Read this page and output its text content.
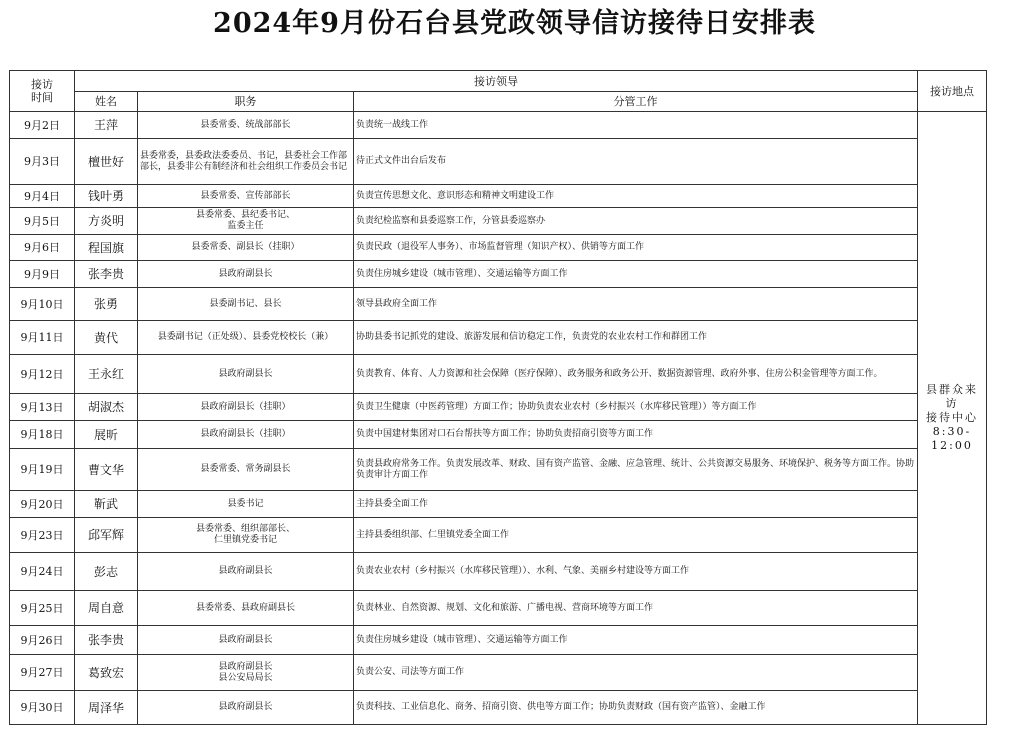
2024年9月份石台县党政领导信访接待日安排表
接访
时间	接访领导			接访地点
	姓名	职务	分管工作	
9月2日	王萍	县委常委、统战部部长	负责统一战线工作	县群众来访
接待中心
8:30-12:00
9月3日	檀世好	县委常委，县委政法委委员、书记，县委社会工作部部长，县委非公有制经济和社会组织工作委员会书记	待正式文件出台后发布	
9月4日	钱叶勇	县委常委、宣传部部长	负责宣传思想文化、意识形态和精神文明建设工作	
9月5日	方炎明	县委常委、县纪委书记、
监委主任	负责纪检监察和县委巡察工作，分管县委巡察办	
9月6日	程国旗	县委常委、副县长（挂职）	负责民政（退役军人事务）、市场监督管理（知识产权）、供销等方面工作	
9月9日	张李贵	县政府副县长	负责住房城乡建设（城市管理）、交通运输等方面工作	
9月10日	张勇	县委副书记、县长	领导县政府全面工作	
9月11日	黄代	县委副书记（正处级）、县委党校校长（兼）	协助县委书记抓党的建设、旅游发展和信访稳定工作，负责党的农业农村工作和群团工作	
9月12日	王永红	县政府副县长	负责教育、体育、人力资源和社会保障（医疗保障）、政务服务和政务公开、数据资源管理、政府外事、住房公积金管理等方面工作。	
9月13日	胡淑杰	县政府副县长（挂职）	负责卫生健康（中医药管理）方面工作；协助负责农业农村（乡村振兴（水库移民管理））等方面工作	
9月18日	展昕	县政府副县长（挂职）	负责中国建材集团对口石台帮扶等方面工作；协助负责招商引资等方面工作	
9月19日	曹文华	县委常委、常务副县长	负责县政府常务工作。负责发展改革、财政、国有资产监管、金融、应急管理、统计、公共资源交易服务、环境保护、税务等方面工作。协助负责审计方面工作	
9月20日	靳武	县委书记	主持县委全面工作	
9月23日	邱军辉	县委常委、组织部部长、
仁里镇党委书记	主持县委组织部、仁里镇党委全面工作	
9月24日	彭志	县政府副县长	负责农业农村（乡村振兴（水库移民管理））、水利、气象、美丽乡村建设等方面工作	
9月25日	周自意	县委常委、县政府副县长	负责林业、自然资源、规划、文化和旅游、广播电视、营商环境等方面工作	
9月26日	张李贵	县政府副县长	负责住房城乡建设（城市管理）、交通运输等方面工作	
9月27日	葛致宏	县政府副县长
县公安局局长	负责公安、司法等方面工作	
9月30日	周泽华	县政府副县长	负责科技、工业信息化、商务、招商引资、供电等方面工作；协助负责财政（国有资产监管）、金融工作	
